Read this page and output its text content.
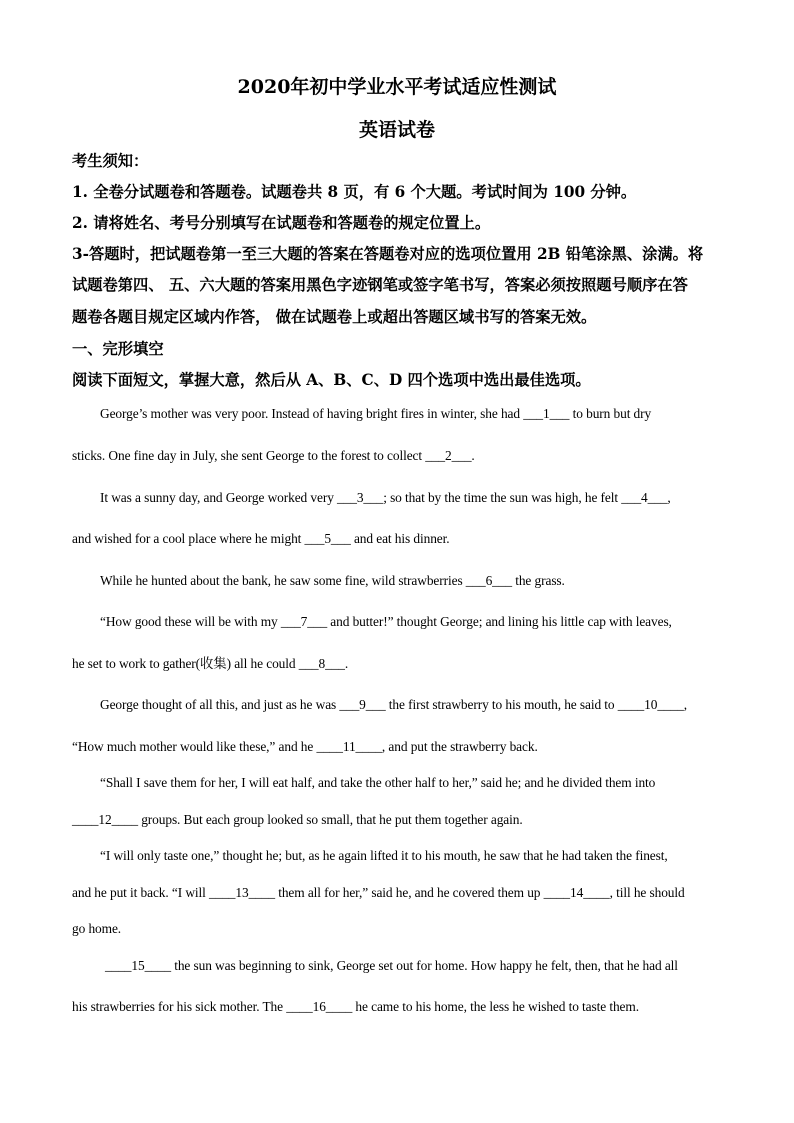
2020年初中学业水平考试适应性测试
英语试卷
考生须知：
1. 全卷分试题卷和答题卷。试题卷共 8 页，有 6 个大题。考试时间为 100 分钟。
2. 请将姓名、考号分别填写在试题卷和答题卷的规定位置上。
3-答题时，把试题卷第一至三大题的答案在答题卷对应的选项位置用 2B 铅笔涂黑、涂满。将
试题卷第四、 五、六大题的答案用黑色字迹钢笔或签字笔书写，答案必须按照题号顺序在答
题卷各题目规定区域内作答， 做在试题卷上或超出答题区域书写的答案无效。
一、完形填空
阅读下面短文，掌握大意，然后从 A、B、C、D 四个选项中选出最佳选项。
George’s mother was very poor. Instead of having bright fires in winter, she had ___1___ to burn but dry
sticks. One fine day in July, she sent George to the forest to collect ___2___.
It was a sunny day, and George worked very ___3___; so that by the time the sun was high, he felt ___4___,
and wished for a cool place where he might ___5___ and eat his dinner.
While he hunted about the bank, he saw some fine, wild strawberries ___6___ the grass.
“How good these will be with my ___7___ and butter!” thought George; and lining his little cap with leaves,
he set to work to gather(收集) all he could ___8___.
George thought of all this, and just as he was ___9___ the first strawberry to his mouth, he said to ____10____,
“How much mother would like these,” and he ____11____, and put the strawberry back.
“Shall I save them for her, I will eat half, and take the other half to her,” said he; and he divided them into
____12____ groups. But each group looked so small, that he put them together again.
“I will only taste one,” thought he; but, as he again lifted it to his mouth, he saw that he had taken the finest,
and he put it back. “I will ____13____ them all for her,” said he, and he covered them up ____14____, till he should
go home.
____15____ the sun was beginning to sink, George set out for home. How happy he felt, then, that he had all
his strawberries for his sick mother. The ____16____ he came to his home, the less he wished to taste them.
